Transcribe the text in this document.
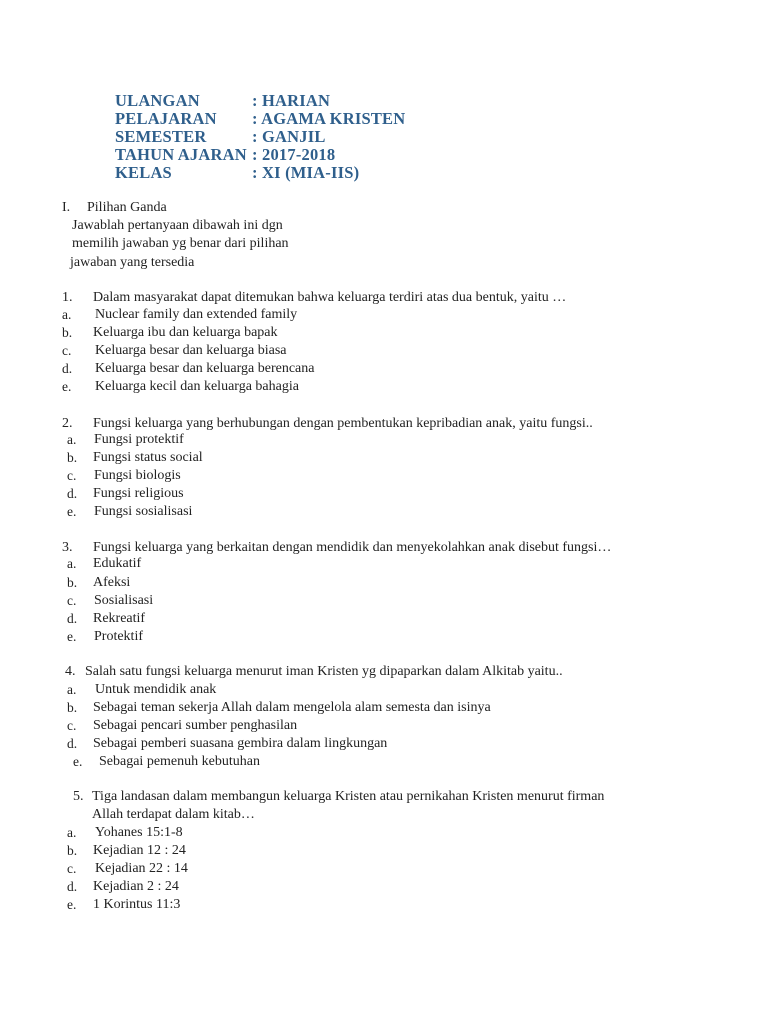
ULANGAN	: HARIAN
PELAJARAN : AGAMA KRISTEN
SEMESTER	: GANJIL
TAHUN AJARAN : 2017-2018
KELAS	: XI (MIA-IIS)
I. Pilihan Ganda
Jawablah pertanyaan dibawah ini dgn
memilih jawaban yg benar dari pilihan
jawaban yang tersedia
1. Dalam masyarakat dapat ditemukan bahwa keluarga terdiri atas dua bentuk, yaitu …
a. Nuclear family dan extended family
b. Keluarga ibu dan keluarga bapak
c. Keluarga besar dan keluarga biasa
d. Keluarga besar dan keluarga berencana
e. Keluarga kecil dan keluarga bahagia
2. Fungsi keluarga yang berhubungan dengan pembentukan kepribadian anak, yaitu fungsi..
a. Fungsi protektif
b. Fungsi status social
c. Fungsi biologis
d. Fungsi religious
e. Fungsi sosialisasi
3. Fungsi keluarga yang berkaitan dengan mendidik dan menyekolahkan anak disebut fungsi…
a. Edukatif
b. Afeksi
c. Sosialisasi
d. Rekreatif
e. Protektif
4. Salah satu fungsi keluarga menurut iman Kristen yg dipaparkan dalam Alkitab yaitu..
a. Untuk mendidik anak
b. Sebagai teman sekerja Allah dalam mengelola alam semesta dan isinya
c. Sebagai pencari sumber penghasilan
d. Sebagai pemberi suasana gembira dalam lingkungan
e. Sebagai pemenuh kebutuhan
5. Tiga landasan dalam membangun keluarga Kristen atau pernikahan Kristen menurut firman
Allah terdapat dalam kitab…
a. Yohanes 15:1-8
b. Kejadian 12 : 24
c. Kejadian 22 : 14
d. Kejadian 2 : 24
e. 1 Korintus 11:3
